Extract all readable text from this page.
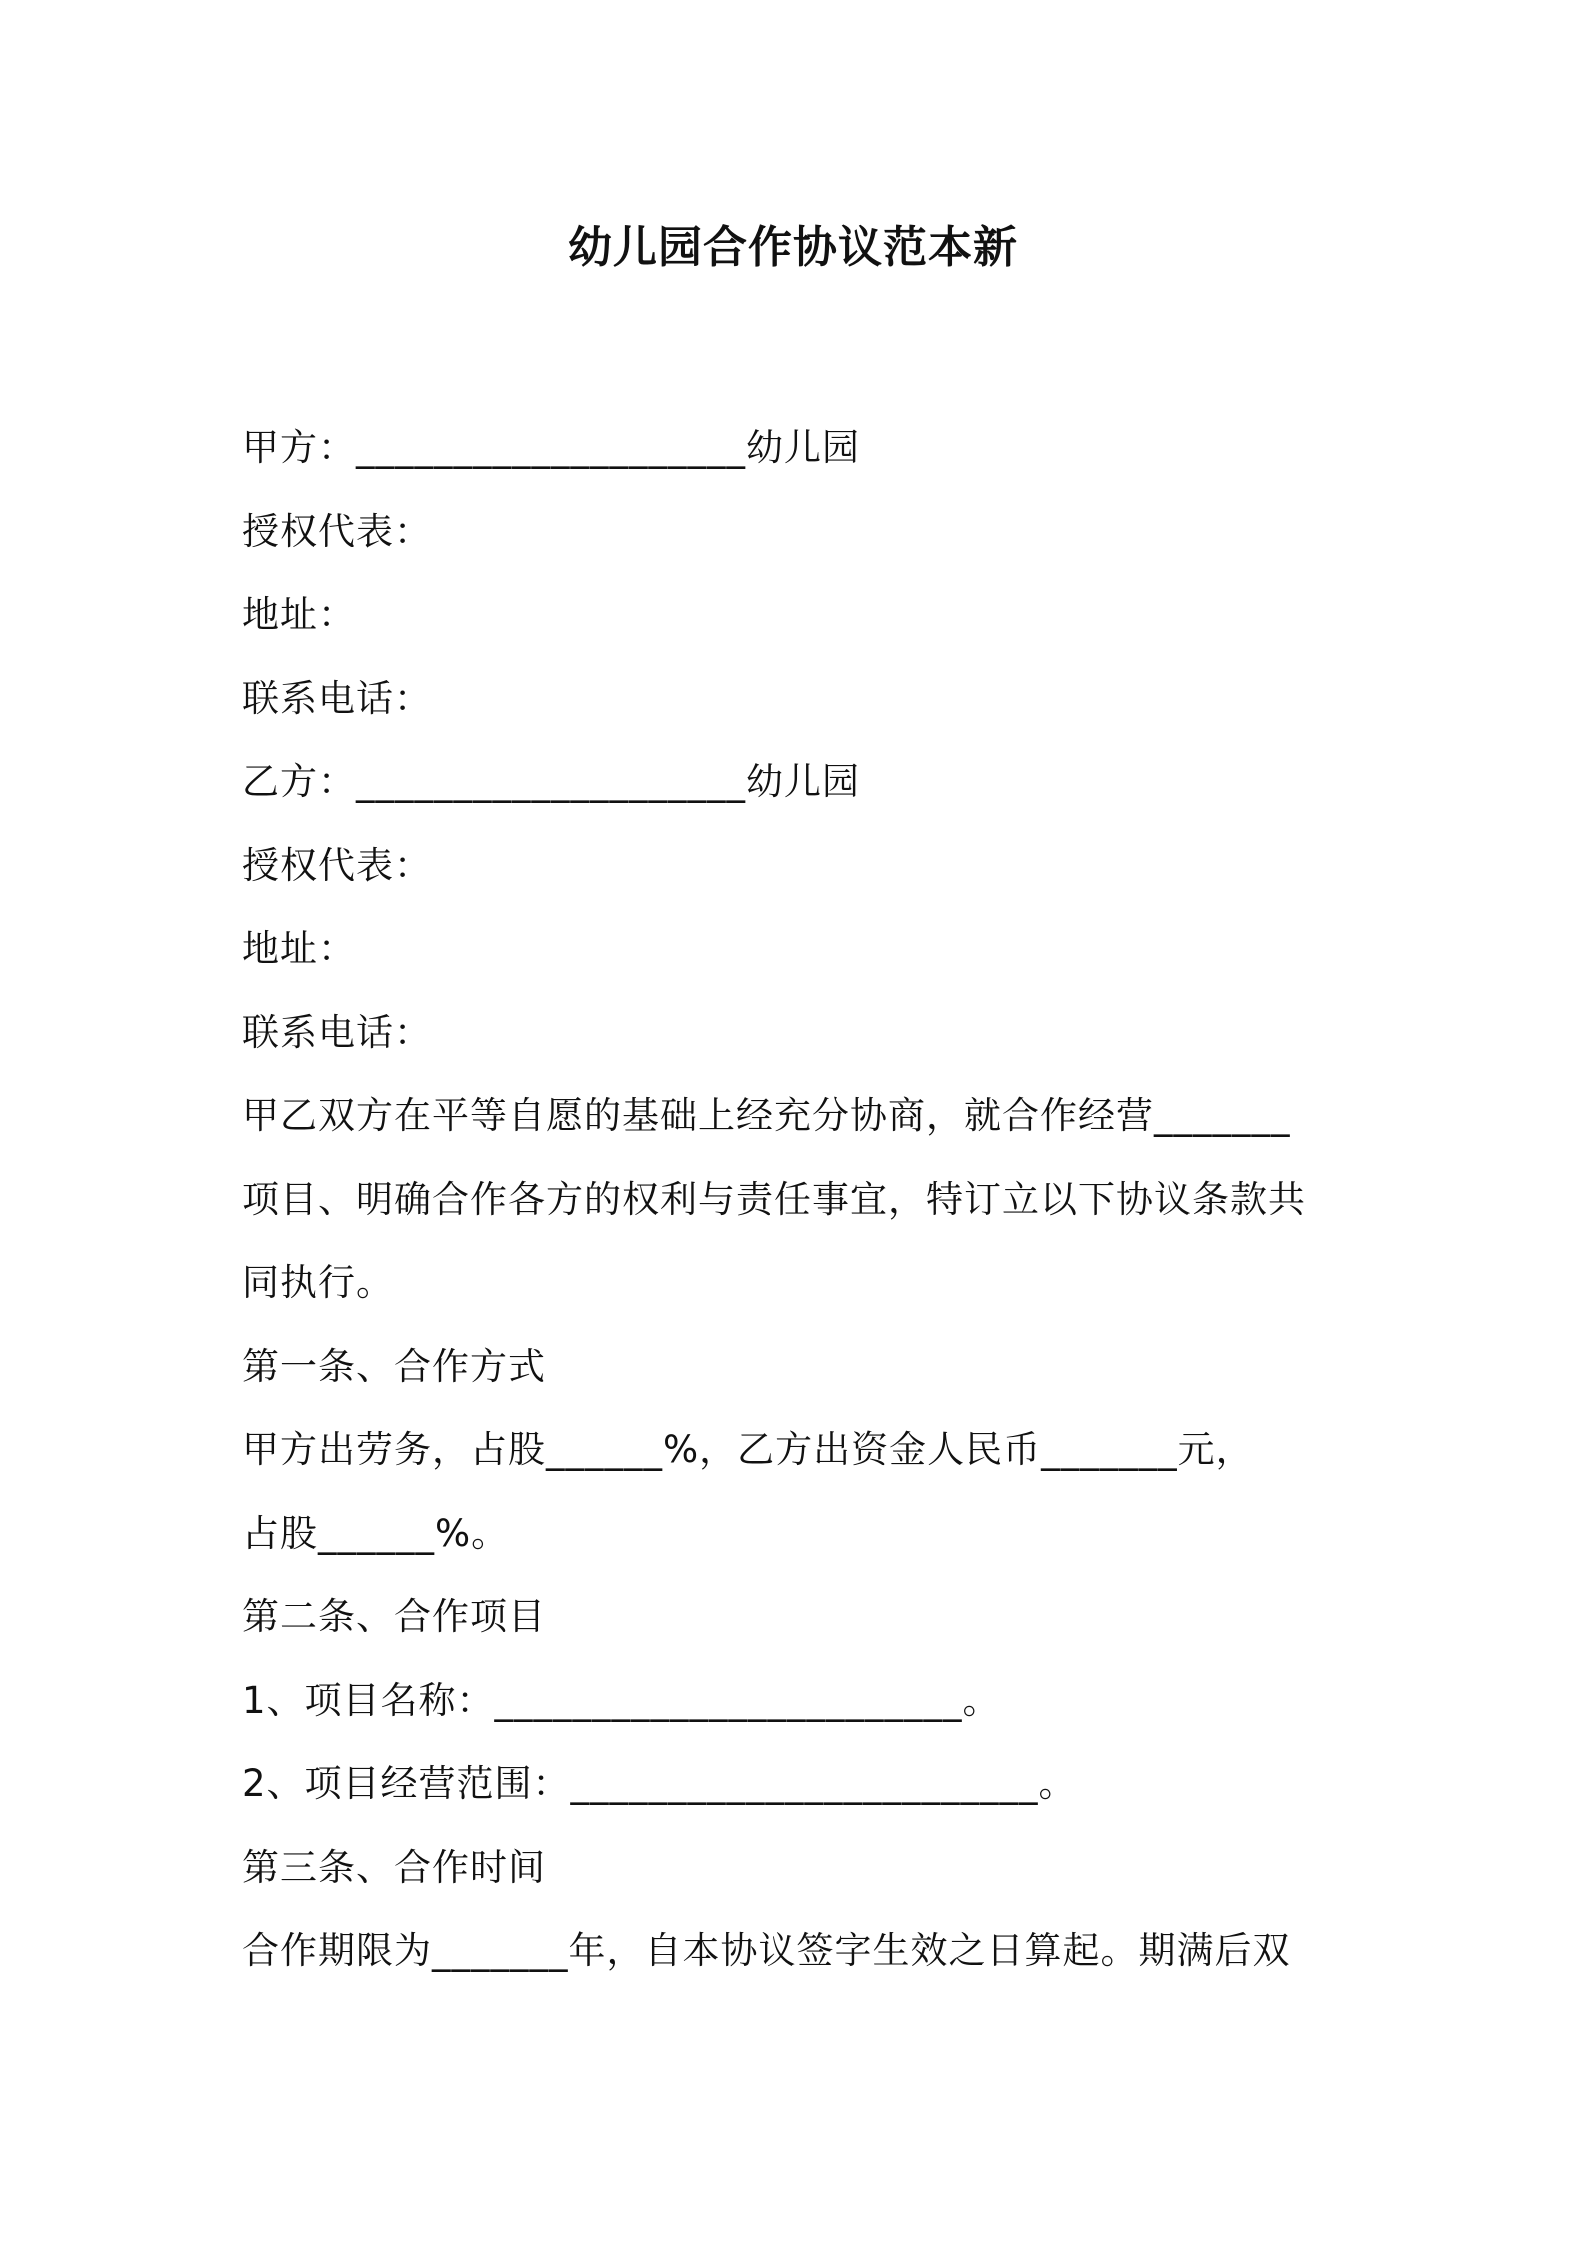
幼儿园合作协议范本新
甲方：____________________幼儿园
授权代表：
地址：
联系电话：
乙方：____________________幼儿园
授权代表：
地址：
联系电话：
甲乙双方在平等自愿的基础上经充分协商，就合作经营_______
项目、明确合作各方的权利与责任事宜，特订立以下协议条款共
同执行。
第一条、合作方式
甲方出劳务，占股______%，乙方出资金人民币_______元，
占股______%。
第二条、合作项目
1、项目名称：________________________。
2、项目经营范围：________________________。
第三条、合作时间
合作期限为_______年，自本协议签字生效之日算起。期满后双
